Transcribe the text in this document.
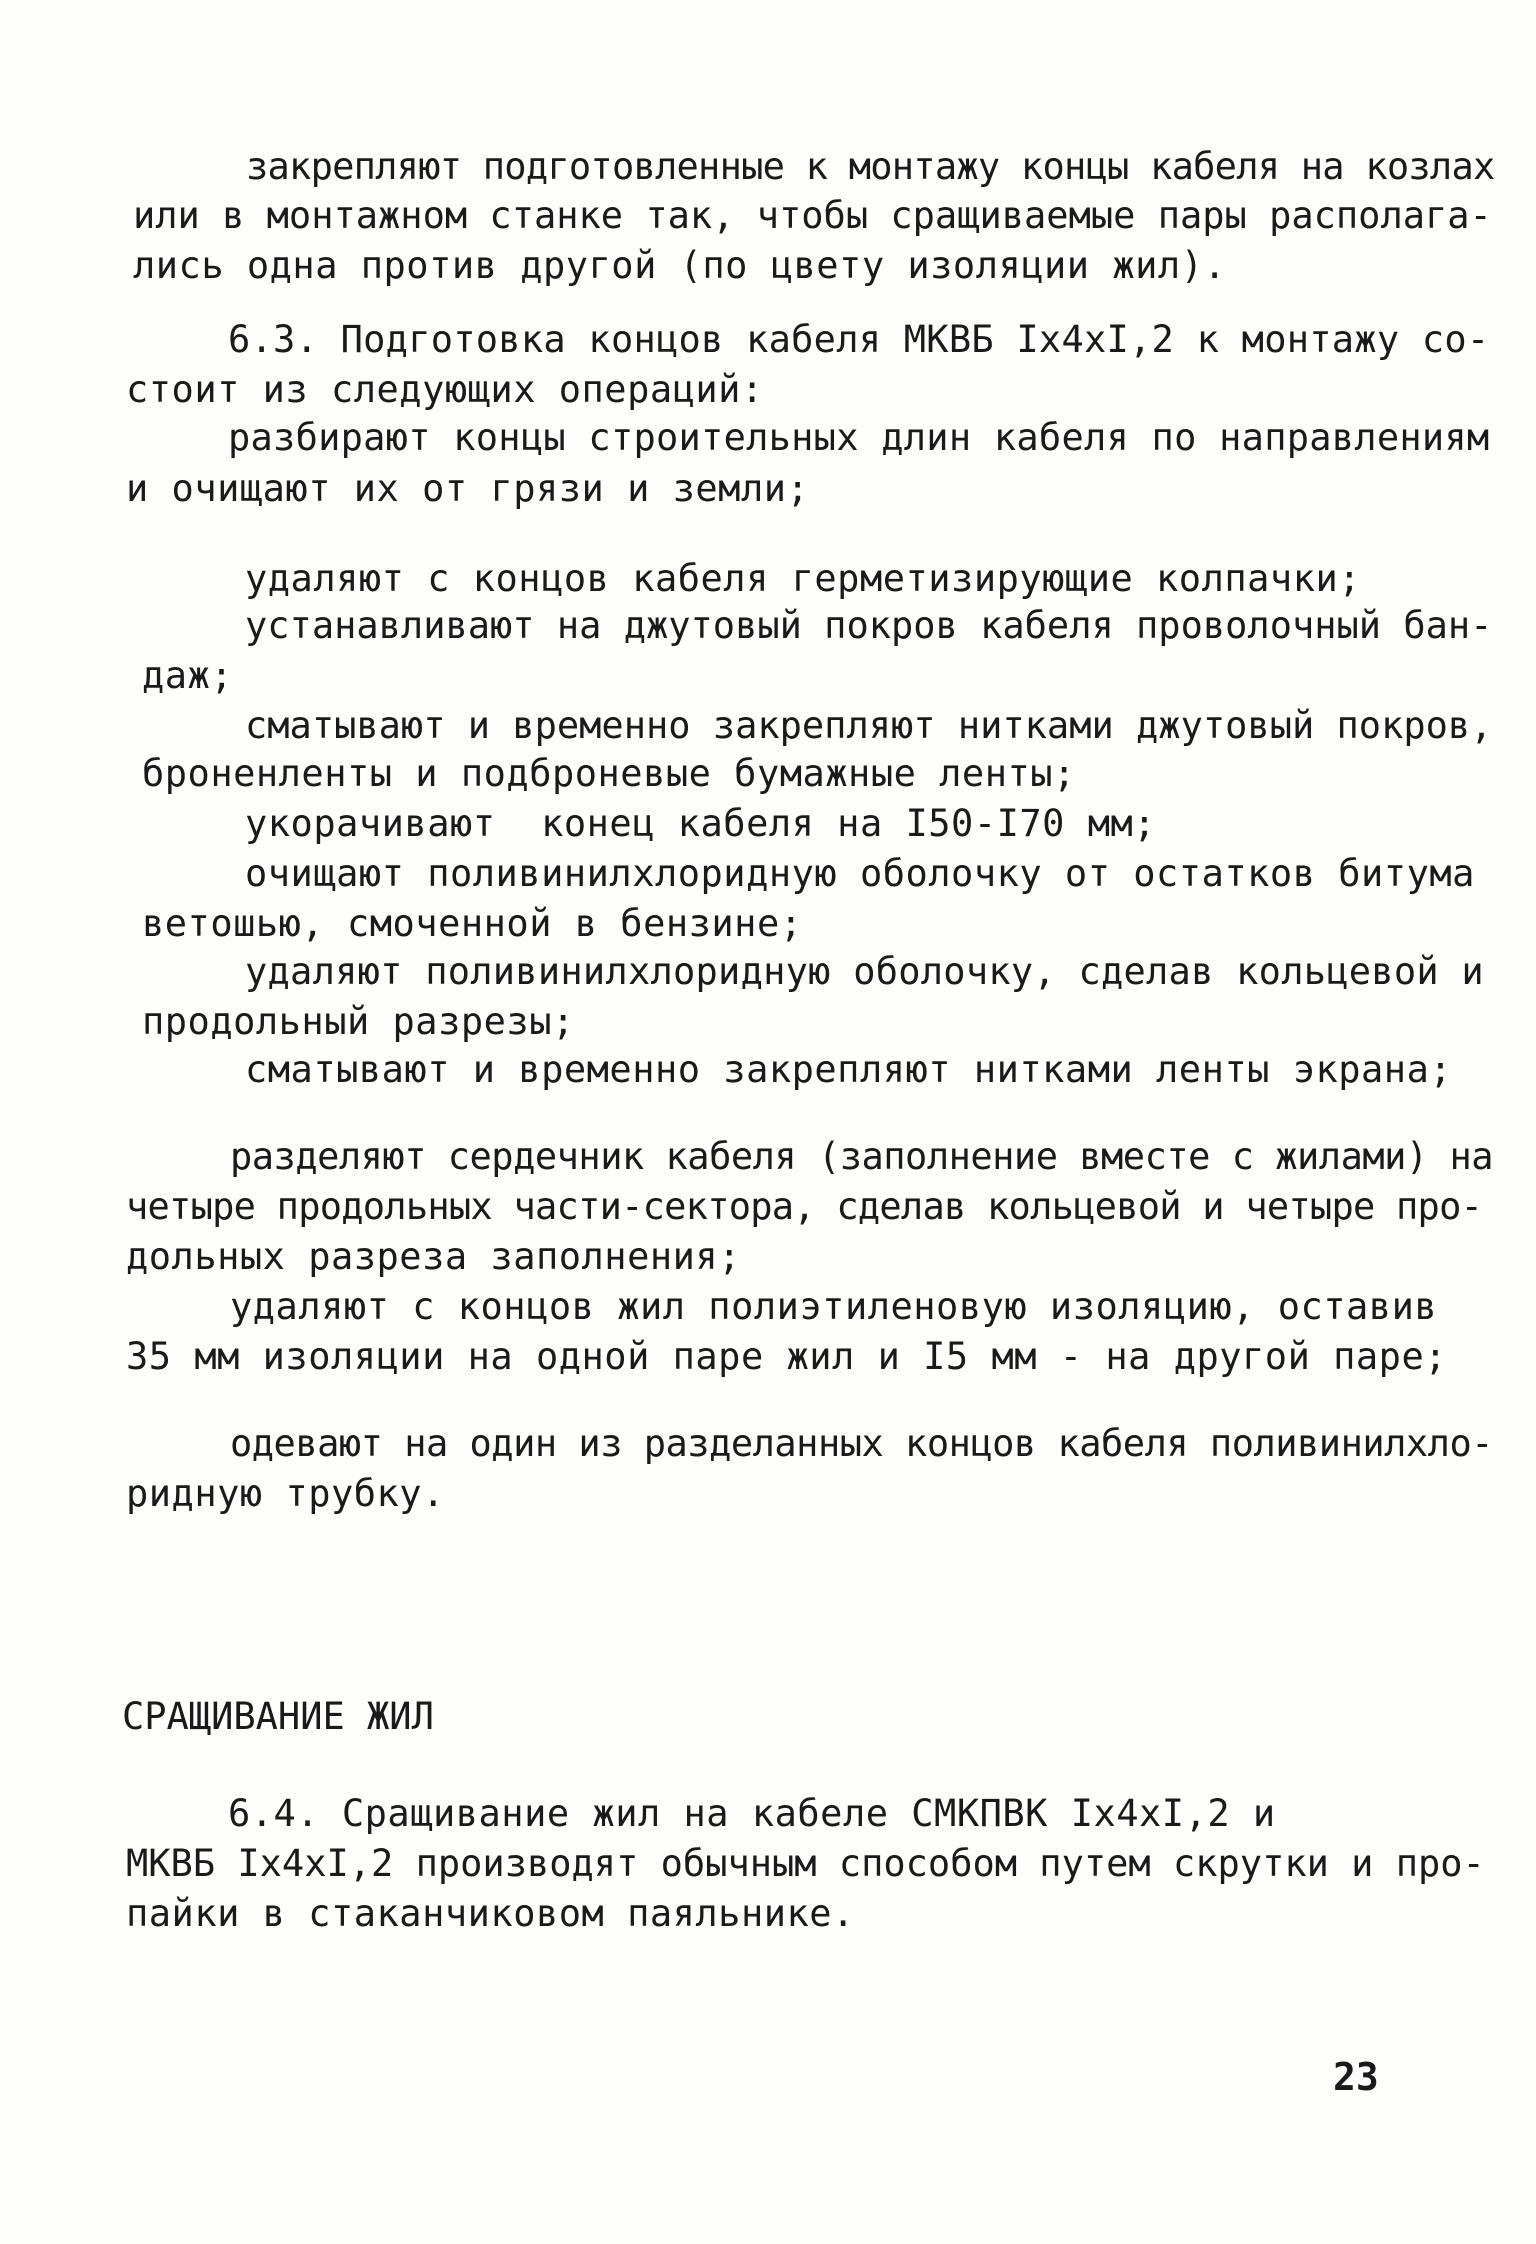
закрепляют подготовленные к монтажу концы кабеля на козлах
или в монтажном станке так, чтобы сращиваемые пары располага-
лись одна против другой (по цвету изоляции жил).
6.3. Подготовка концов кабеля МКВБ Ix4xI,2 к монтажу со-
стоит из следующих операций:
разбирают концы строительных длин кабеля по направлениям
и очищают их от грязи и земли;
удаляют с концов кабеля герметизирующие колпачки;
устанавливают на джутовый покров кабеля проволочный бан-
даж;
сматывают и временно закрепляют нитками джутовый покров,
броненленты и подброневые бумажные ленты;
укорачивают  конец кабеля на I50-I70 мм;
очищают поливинилхлоридную оболочку от остатков битума
ветошью, смоченной в бензине;
удаляют поливинилхлоридную оболочку, сделав кольцевой и
продольный разрезы;
сматывают и временно закрепляют нитками ленты экрана;
разделяют сердечник кабеля (заполнение вместе с жилами) на
четыре продольных части-сектора, сделав кольцевой и четыре про-
дольных разреза заполнения;
удаляют с концов жил полиэтиленовую изоляцию, оставив
35 мм изоляции на одной паре жил и I5 мм - на другой паре;
одевают на один из разделанных концов кабеля поливинилхло-
ридную трубку.
СРАЩИВАНИЕ ЖИЛ
6.4. Сращивание жил на кабеле СМКПВК Ix4xI,2 и
МКВБ Ix4xI,2 производят обычным способом путем скрутки и про-
пайки в стаканчиковом паяльнике.
23
